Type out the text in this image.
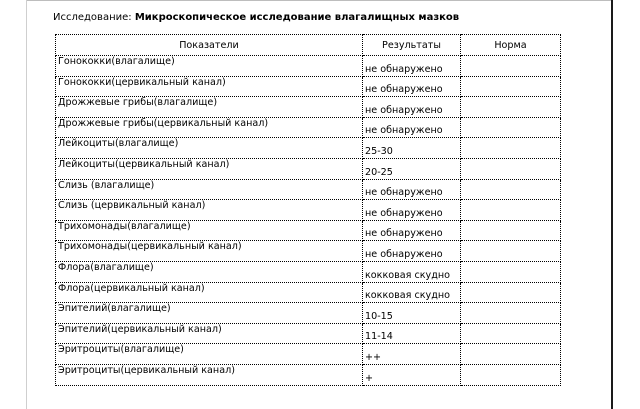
Исследование: Микроскопическое исследование влагалищных мазков
Показатели	Результаты	Норма
Гонококки(влагалище)	не обнаружено	
Гонококки(цервикальный канал)	не обнаружено	
Дрожжевые грибы(влагалище)	не обнаружено	
Дрожжевые грибы(цервикальный канал)	не обнаружено	
Лейкоциты(влагалище)	25-30	
Лейкоциты(цервикальный канал)	20-25	
Слизь (влагалище)	не обнаружено	
Слизь (цервикальный канал)	не обнаружено	
Трихомонады(влагалище)	не обнаружено	
Трихомонады(цервикальный канал)	не обнаружено	
Флора(влагалище)	кокковая скудно	
Флора(цервикальный канал)	кокковая скудно	
Эпителий(влагалище)	10-15	
Эпителий(цервикальный канал)	11-14	
Эритроциты(влагалище)	++	
Эритроциты(цервикальный канал)	+	
